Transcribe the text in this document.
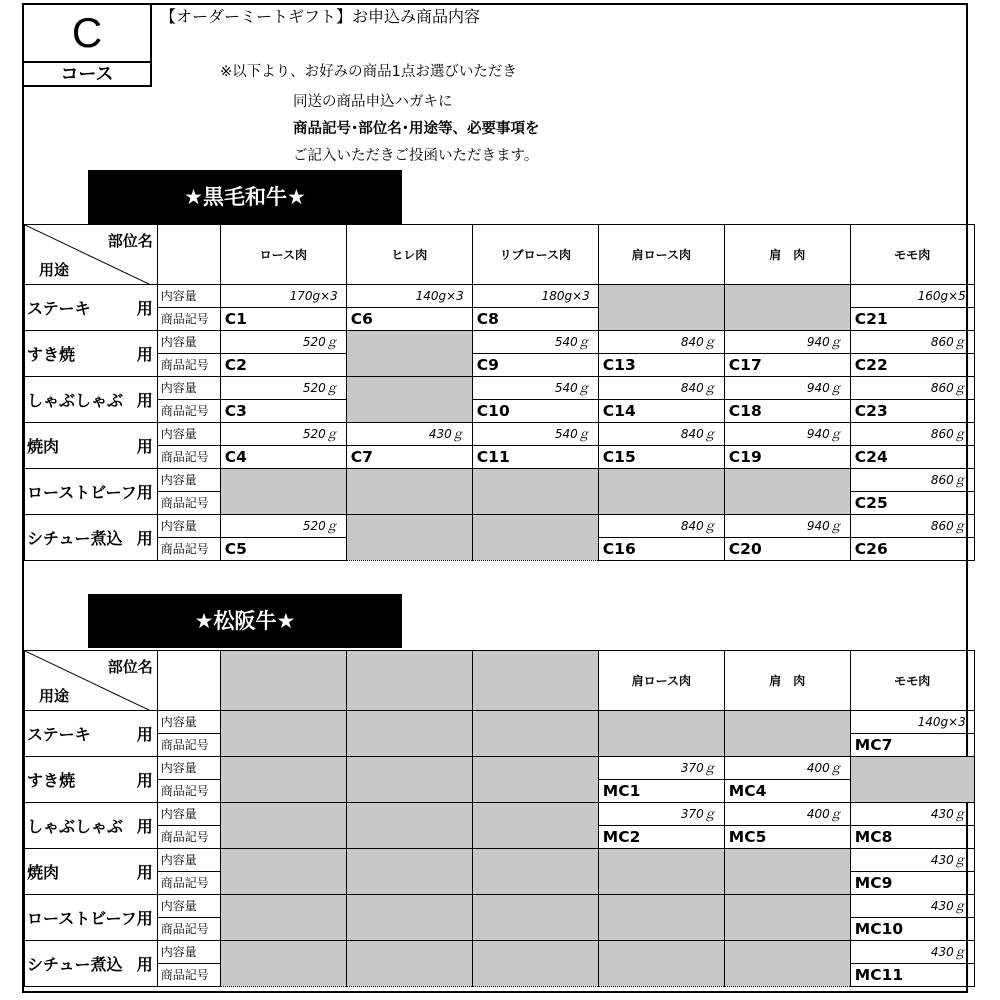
C
コース
【オーダーミートギフト】お申込み商品内容
※以下より、お好みの商品1点お選びいただき
同送の商品申込ハガキに
商品記号･部位名･用途等、必要事項を
ご記入いただきご投函いただきます。
★黒毛和牛★
部位名
用途		ロース肉	ヒレ肉	リブロース肉	肩ロース肉	肩　肉	モモ肉

ステーキ 用	内容量	170g×3	140g×3	180g×3			160g×5
	商品記号	C1	C6	C8			C21

すき焼 用	内容量	520ｇ		540ｇ	840ｇ	940ｇ	860ｇ
	商品記号	C2		C9	C13	C17	C22

しゃぶしゃぶ 用	内容量	520ｇ		540ｇ	840ｇ	940ｇ	860ｇ
	商品記号	C3		C10	C14	C18	C23

焼肉 用	内容量	520ｇ	430ｇ	540ｇ	840ｇ	940ｇ	860ｇ
	商品記号	C4	C7	C11	C15	C19	C24

ローストビーフ 用	内容量						860ｇ
	商品記号						C25

シチュー煮込 用	内容量	520ｇ			840ｇ	940ｇ	860ｇ
	商品記号	C5			C16	C20	C26
★松阪牛★
部位名
用途					肩ロース肉	肩　肉	モモ肉

ステーキ 用	内容量						140g×3
	商品記号						MC7

すき焼 用	内容量				370ｇ	400ｇ	
	商品記号				MC1	MC4	

しゃぶしゃぶ 用	内容量				370ｇ	400ｇ	430ｇ
	商品記号				MC2	MC5	MC8

焼肉 用	内容量						430ｇ
	商品記号						MC9

ローストビーフ 用	内容量						430ｇ
	商品記号						MC10

シチュー煮込 用	内容量						430ｇ
	商品記号						MC11
